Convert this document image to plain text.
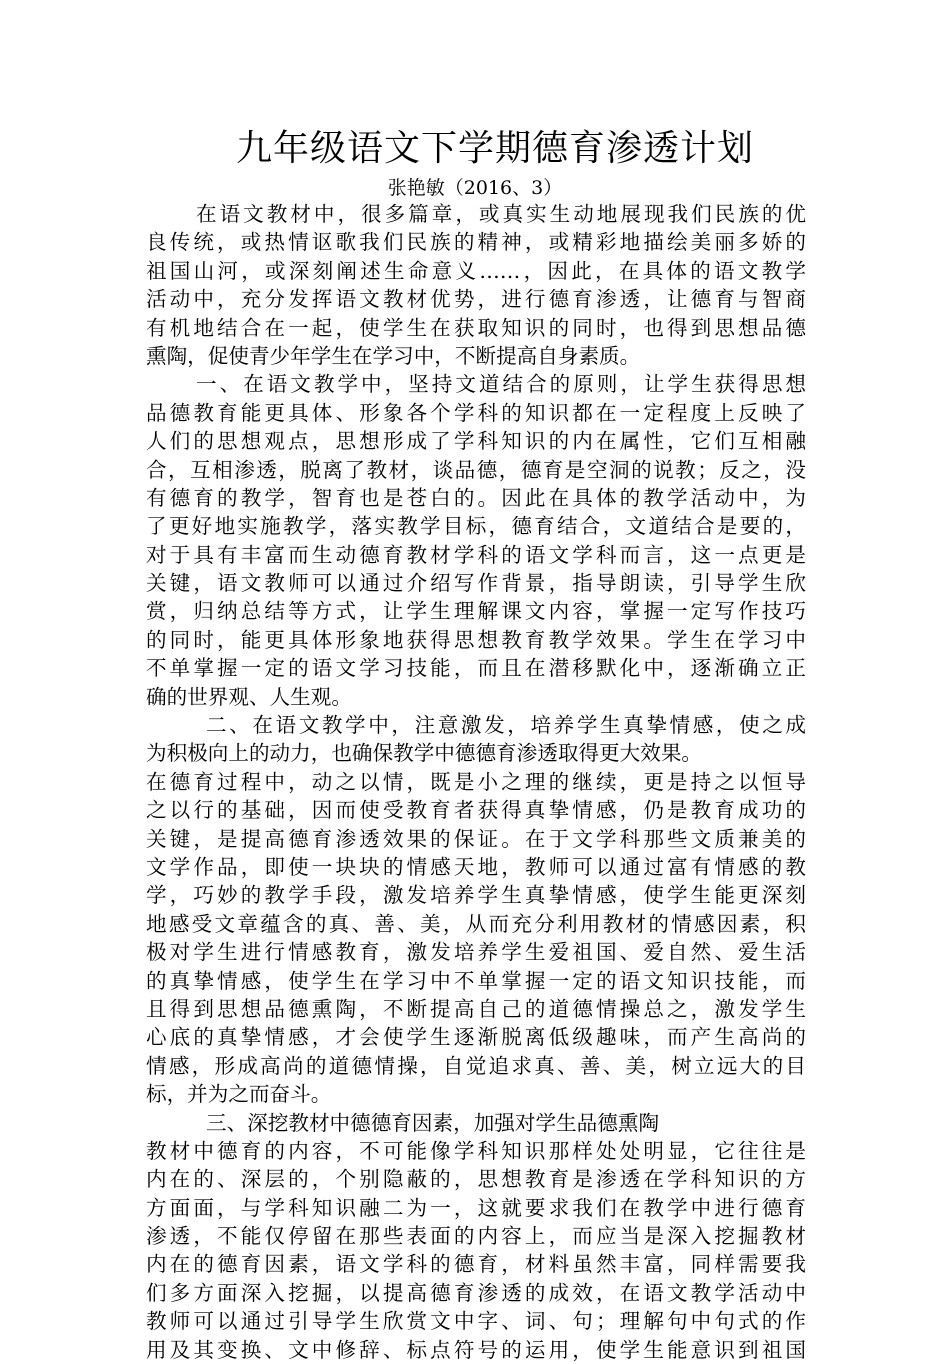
九年级语文下学期德育渗透计划
张艳敏（2016、3）
在语文教材中，很多篇章，或真实生动地展现我们民族的优
良传统，或热情讴歌我们民族的精神，或精彩地描绘美丽多娇的
祖国山河，或深刻阐述生命意义……，因此，在具体的语文教学
活动中，充分发挥语文教材优势，进行德育渗透，让德育与智商
有机地结合在一起，使学生在获取知识的同时，也得到思想品德
熏陶，促使青少年学生在学习中，不断提高自身素质。
一、在语文教学中，坚持文道结合的原则，让学生获得思想
品德教育能更具体、形象各个学科的知识都在一定程度上反映了
人们的思想观点，思想形成了学科知识的内在属性，它们互相融
合，互相渗透，脱离了教材，谈品德，德育是空洞的说教；反之，没
有德育的教学，智育也是苍白的。因此在具体的教学活动中，为
了更好地实施教学，落实教学目标，德育结合，文道结合是要的，
对于具有丰富而生动德育教材学科的语文学科而言，这一点更是
关键，语文教师可以通过介绍写作背景，指导朗读，引导学生欣
赏，归纳总结等方式，让学生理解课文内容，掌握一定写作技巧
的同时，能更具体形象地获得思想教育教学效果。学生在学习中
不单掌握一定的语文学习技能，而且在潜移默化中，逐渐确立正
确的世界观、人生观。
二、在语文教学中，注意激发，培养学生真挚情感，使之成
为积极向上的动力，也确保教学中德德育渗透取得更大效果。
在德育过程中，动之以情，既是小之理的继续，更是持之以恒导
之以行的基础，因而使受教育者获得真挚情感，仍是教育成功的
关键，是提高德育渗透效果的保证。在于文学科那些文质兼美的
文学作品，即使一块块的情感天地，教师可以通过富有情感的教
学，巧妙的教学手段，激发培养学生真挚情感，使学生能更深刻
地感受文章蕴含的真、善、美，从而充分利用教材的情感因素，积
极对学生进行情感教育，激发培养学生爱祖国、爱自然、爱生活
的真挚情感，使学生在学习中不单掌握一定的语文知识技能，而
且得到思想品德熏陶，不断提高自己的道德情操总之，激发学生
心底的真挚情感，才会使学生逐渐脱离低级趣味，而产生高尚的
情感，形成高尚的道德情操，自觉追求真、善、美，树立远大的目
标，并为之而奋斗。
三、深挖教材中德德育因素，加强对学生品德熏陶
教材中德育的内容，不可能像学科知识那样处处明显，它往往是
内在的、深层的，个别隐蔽的，思想教育是渗透在学科知识的方
方面面，与学科知识融二为一，这就要求我们在教学中进行德育
渗透，不能仅停留在那些表面的内容上，而应当是深入挖掘教材
内在的德育因素，语文学科的德育，材料虽然丰富，同样需要我
们多方面深入挖掘，以提高德育渗透的成效，在语文教学活动中
教师可以通过引导学生欣赏文中字、词、句；理解句中句式的作
用及其变换、文中修辞、标点符号的运用，使学生能意识到祖国
